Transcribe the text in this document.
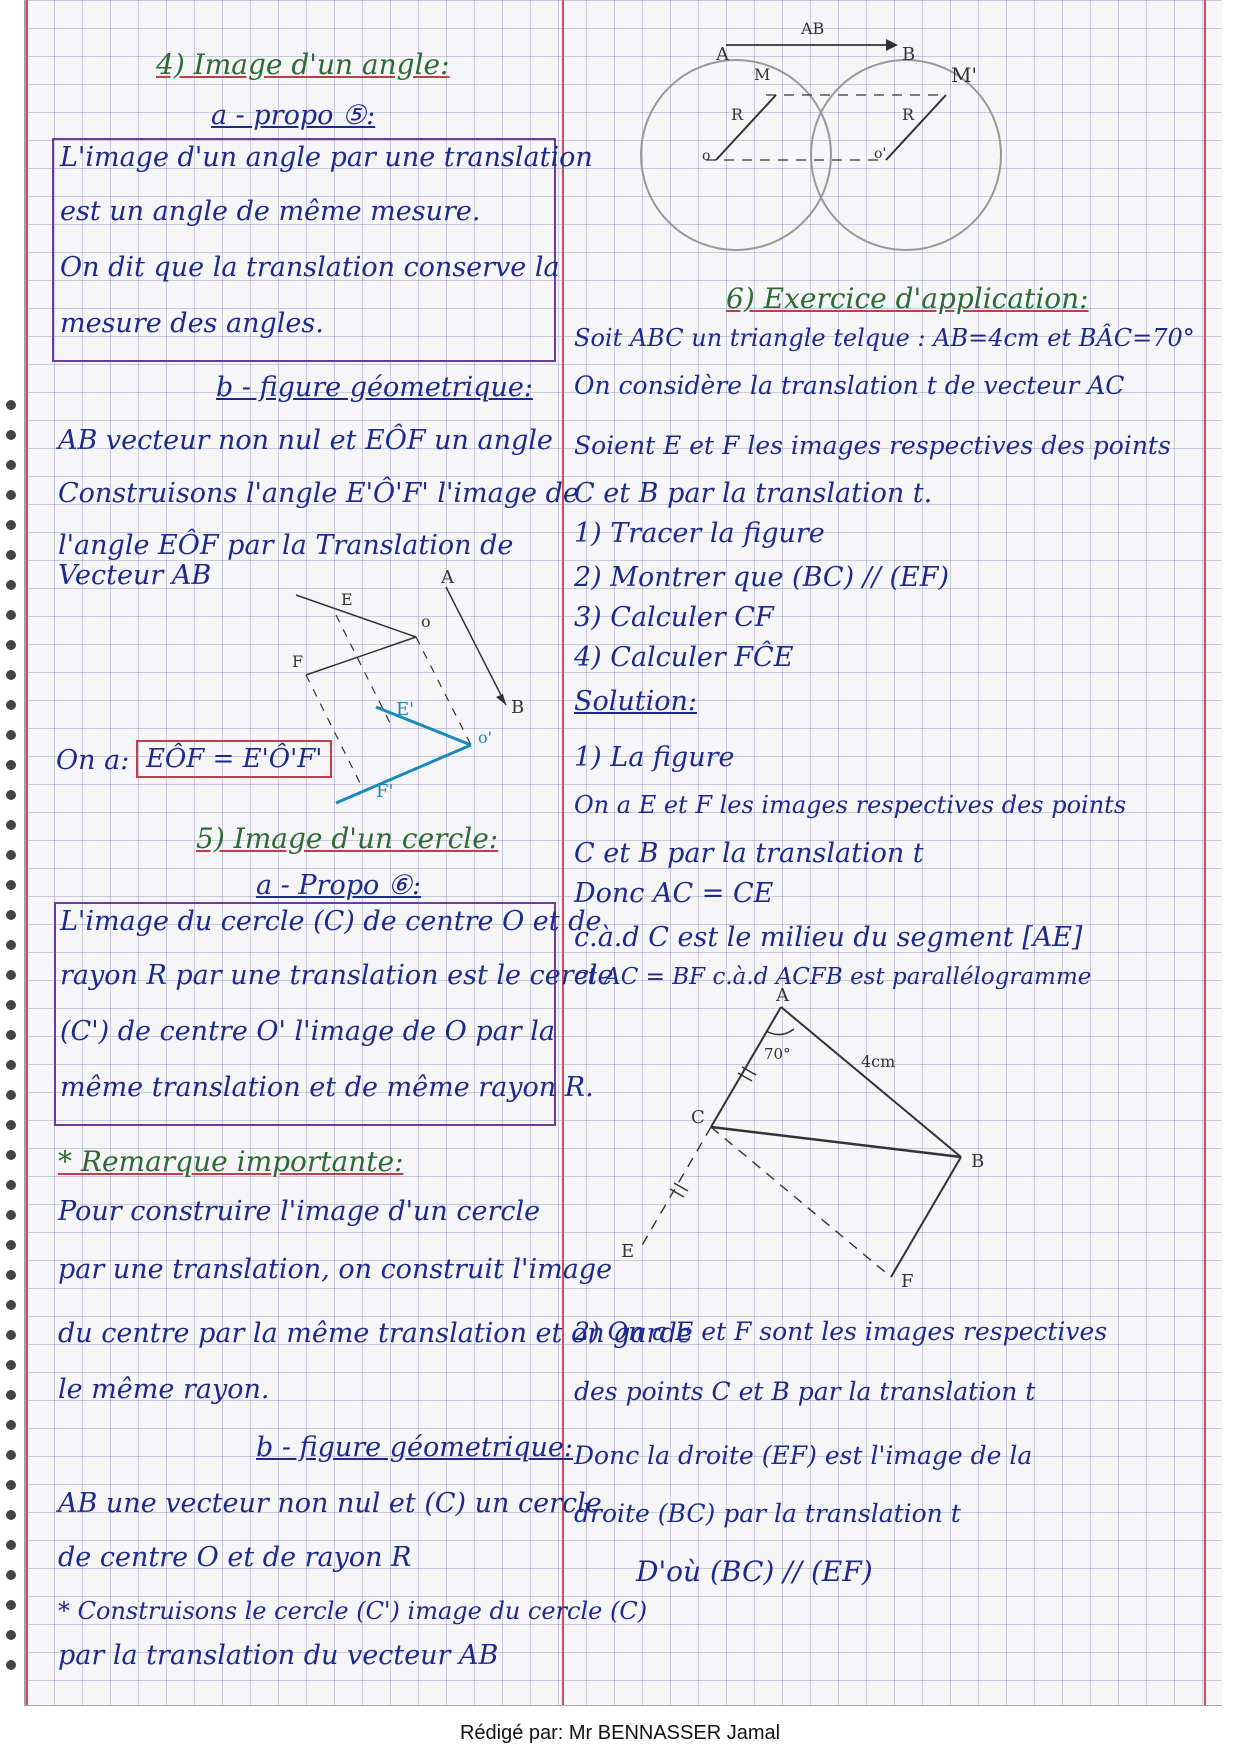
4) Image d'un angle:
a - propo ⑤:
L'image d'un angle par une translation
est un angle de même mesure.
On dit que la translation conserve la
mesure des angles.
b - figure géometrique:
AB vecteur non nul et EÔF un angle
Construisons l'angle E'Ô'F' l'image de
l'angle EÔF par la Translation de
Vecteur AB	A
B
E
F
o
E'
F'
o'
On a: EÔF = E'Ô'F'
5) Image d'un cercle:
a - Propo ⑥:
L'image du cercle (C) de centre O et de
rayon R par une translation est le cercle
(C') de centre O' l'image de O par la
même translation et de même rayon R.
* Remarque importante:
Pour construire l'image d'un cercle
par une translation, on construit l'image
du centre par la même translation et on garde
le même rayon.
b - figure géometrique:
AB une vecteur non nul et (C) un cercle
de centre O et de rayon R
* Construisons le cercle (C') image du cercle (C)
par la translation du vecteur AB
AB
A	B
M	M'
R	R
o	o'
6) Exercice d'application:
Soit ABC un triangle telque : AB=4cm et BÂC=70°
On considère la translation t de vecteur AC
Soient E et F les images respectives des points
C et B par la translation t.
1) Tracer la figure
2) Montrer que (BC) // (EF)
3) Calculer CF
4) Calculer FĈE
Solution:
1) La figure
On a E et F les images respectives des points
C et B par la translation t
Donc AC = CE
c.à.d C est le milieu du segment [AE]
et AC = BF c.à.d ACFB est parallélogramme
A
B
C
E
F
70°	4cm
2) On a E et F sont les images respectives
des points C et B par la translation t
Donc la droite (EF) est l'image de la
droite (BC) par la translation t
D'où (BC) // (EF)
Rédigé par: Mr BENNASSER Jamal
